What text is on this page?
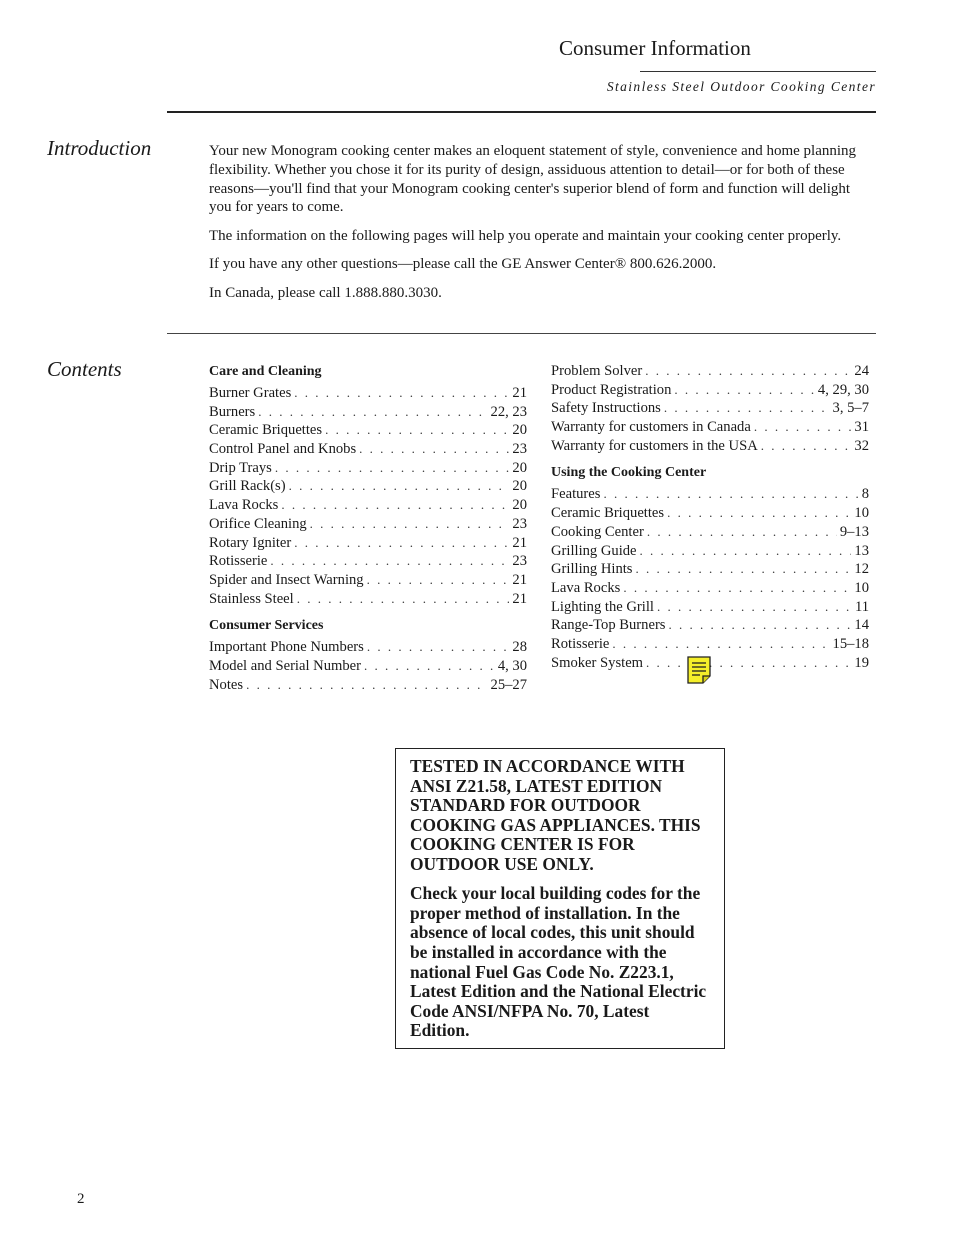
Consumer Information
Stainless Steel Outdoor Cooking Center
Introduction	Your new Monogram cooking center makes an eloquent statement of style, convenience and home planning flexibility. Whether you chose it for its purity of design, assiduous attention to detail—or for both of these reasons—you'll find that your Monogram cooking center's superior blend of form and function will delight you for years to come.

The information on the following pages will help you operate and maintain your cooking center properly.

If you have any other questions—please call the GE Answer Center® 800.626.2000.

In Canada, please call 1.888.880.3030.

Contents	Care and Cleaning
Burner Grates . . .	21
Burners . . .	22, 23
Ceramic Briquettes . . .	20
Control Panel and Knobs . . .	23
Drip Trays . . .	20
Grill Rack(s) . . .	20
Lava Rocks . . .	20
Orifice Cleaning . . .	23
Rotary Igniter . . .	21
Rotisserie . . .	23
Spider and Insect Warning . . .	21
Stainless Steel . . .	21
Consumer Services
Important Phone Numbers . . .	28
Model and Serial Number . . .	4, 30
Notes . . .	25–27
Problem Solver . . .	24
Product Registration . . .	4, 29, 30
Safety Instructions . . .	3, 5–7
Warranty for customers in Canada . . .	31
Warranty for customers in the USA . . .	32
Using the Cooking Center
Features . . .	8
Ceramic Briquettes . . .	10
Cooking Center . . .	9–13
Grilling Guide . . .	13
Grilling Hints . . .	12
Lava Rocks . . .	10
Lighting the Grill . . .	11
Range-Top Burners . . .	14
Rotisserie . . .	15–18
Smoker System . . .	19

TESTED IN ACCORDANCE WITH ANSI Z21.58, LATEST EDITION STANDARD FOR OUTDOOR COOKING GAS APPLIANCES. THIS COOKING CENTER IS FOR OUTDOOR USE ONLY.

Check your local building codes for the proper method of installation. In the absence of local codes, this unit should be installed in accordance with the national Fuel Gas Code No. Z223.1, Latest Edition and the National Electric Code ANSI/NFPA No. 70, Latest Edition.

2
